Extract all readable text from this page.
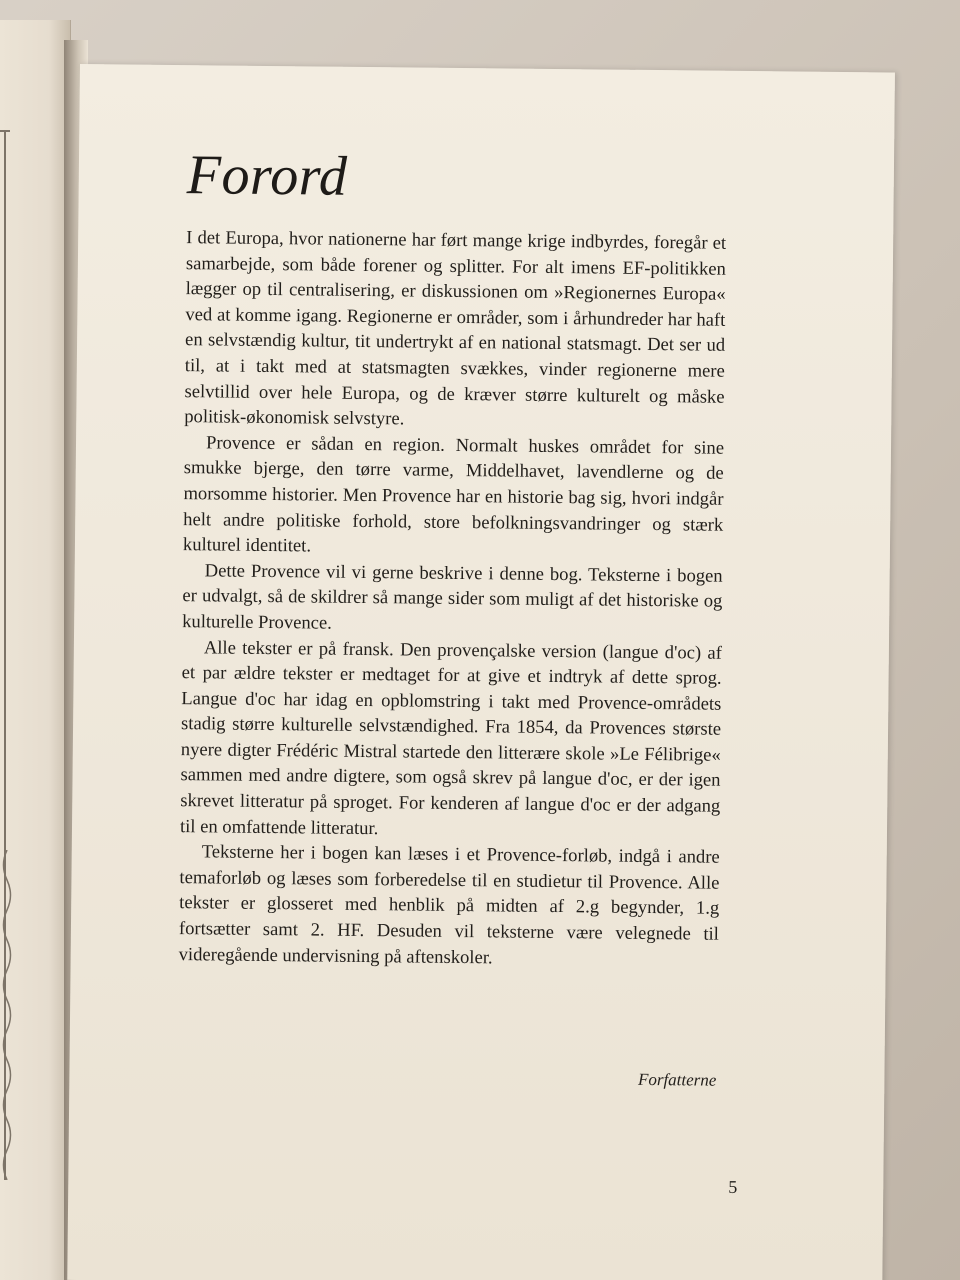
Forord

I det Europa, hvor nationerne har ført mange krige indbyrdes, foregår et samarbejde, som både forener og splitter. For alt imens EF-politikken lægger op til centralisering, er diskussionen om »Regionernes Europa« ved at komme igang. Regionerne er områder, som i århundreder har haft en selvstændig kultur, tit undertrykt af en national statsmagt. Det ser ud til, at i takt med at statsmagten svækkes, vinder regionerne mere selvtillid over hele Europa, og de kræver større kulturelt og måske politisk-økonomisk selvstyre.

Provence er sådan en region. Normalt huskes området for sine smukke bjerge, den tørre varme, Middelhavet, lavendlerne og de morsomme historier. Men Provence har en historie bag sig, hvori indgår helt andre politiske forhold, store befolkningsvandringer og stærk kulturel identitet.

Dette Provence vil vi gerne beskrive i denne bog. Teksterne i bogen er udvalgt, så de skildrer så mange sider som muligt af det historiske og kulturelle Provence.

Alle tekster er på fransk. Den provençalske version (langue d'oc) af et par ældre tekster er medtaget for at give et indtryk af dette sprog. Langue d'oc har idag en opblomstring i takt med Provence-områdets stadig større kulturelle selvstændighed. Fra 1854, da Provences største nyere digter Frédéric Mistral startede den litterære skole »Le Félibrige« sammen med andre digtere, som også skrev på langue d'oc, er der igen skrevet litteratur på sproget. For kenderen af langue d'oc er der adgang til en omfattende litteratur.

Teksterne her i bogen kan læses i et Provence-forløb, indgå i andre temaforløb og læses som forberedelse til en studietur til Provence. Alle tekster er glosseret med henblik på midten af 2.g begynder, 1.g fortsætter samt 2. HF. Desuden vil teksterne være velegnede til videregående undervisning på aftenskoler.

Forfatterne
5
